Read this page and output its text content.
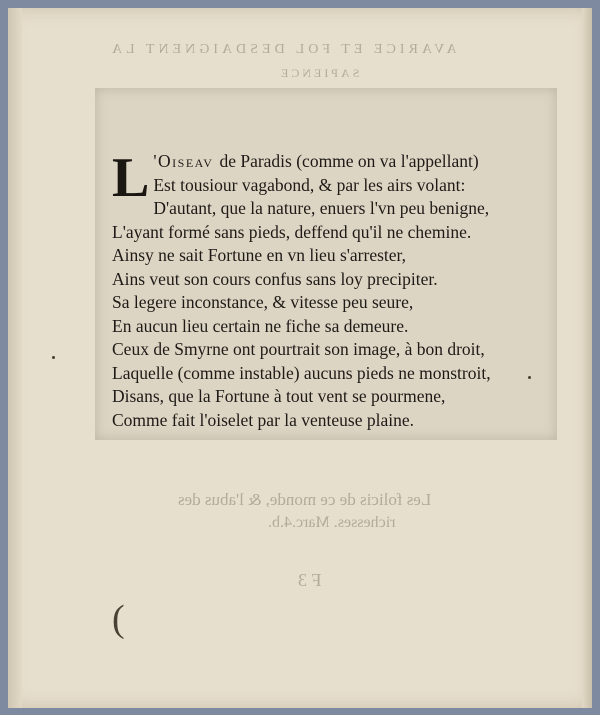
AVARICE ET FOL DESDAIGNENT LA
SAPIENCE
Les folicis de ce monde, & l'abus des
richesses. Marc.4.b.
F 3
L 'Oiseav de Paradis (comme on va l'appellant)
Est tousiour vagabond, & par les airs volant:
D'autant, que la nature, enuers l'vn peu benigne,
L'ayant formé sans pieds, deffend qu'il ne chemine.
Ainsy ne sait Fortune en vn lieu s'arrester,
Ains veut son cours confus sans loy precipiter.
Sa legere inconstance, & vitesse peu seure,
En aucun lieu certain ne fiche sa demeure.
Ceux de Smyrne ont pourtrait son image, à bon droit,
Laquelle (comme instable) aucuns pieds ne monstroit,
Disans, que la Fortune à tout vent se pourmene,
Comme fait l'oiselet par la venteuse plaine.
(
